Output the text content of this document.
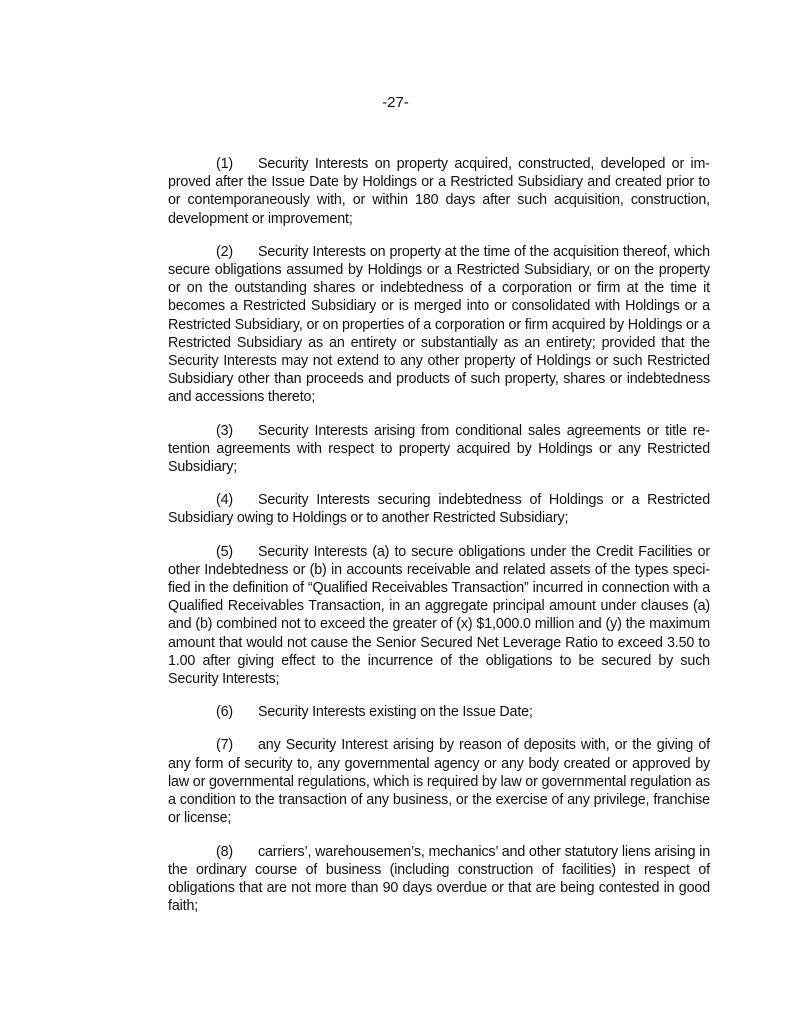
-27-

(1) Security Interests on property acquired, constructed, developed or improved after the Issue Date by Holdings or a Restricted Subsidiary and created prior to or contemporaneously with, or within 180 days after such acquisition, construction, development or improvement;

(2) Security Interests on property at the time of the acquisition thereof, which secure obligations assumed by Holdings or a Restricted Subsidiary, or on the property or on the outstanding shares or indebtedness of a corporation or firm at the time it becomes a Restricted Subsidiary or is merged into or consolidated with Holdings or a Restricted Subsidiary, or on properties of a corporation or firm acquired by Holdings or a Restricted Subsidiary as an entirety or substantially as an entirety; provided that the Security Interests may not extend to any other property of Holdings or such Restricted Subsidiary other than proceeds and products of such property, shares or indebtedness and accessions thereto;

(3) Security Interests arising from conditional sales agreements or title retention agreements with respect to property acquired by Holdings or any Restricted Subsidiary;

(4) Security Interests securing indebtedness of Holdings or a Restricted Subsidiary owing to Holdings or to another Restricted Subsidiary;

(5) Security Interests (a) to secure obligations under the Credit Facilities or other Indebtedness or (b) in accounts receivable and related assets of the types specified in the definition of “Qualified Receivables Transaction” incurred in connection with a Qualified Receivables Transaction, in an aggregate principal amount under clauses (a) and (b) combined not to exceed the greater of (x) $1,000.0 million and (y) the maximum amount that would not cause the Senior Secured Net Leverage Ratio to exceed 3.50 to 1.00 after giving effect to the incurrence of the obligations to be secured by such Security Interests;

(6) Security Interests existing on the Issue Date;

(7) any Security Interest arising by reason of deposits with, or the giving of any form of security to, any governmental agency or any body created or approved by law or governmental regulations, which is required by law or governmental regulation as a condition to the transaction of any business, or the exercise of any privilege, franchise or license;

(8) carriers’, warehousemen’s, mechanics’ and other statutory liens arising in the ordinary course of business (including construction of facilities) in respect of obligations that are not more than 90 days overdue or that are being contested in good faith;
